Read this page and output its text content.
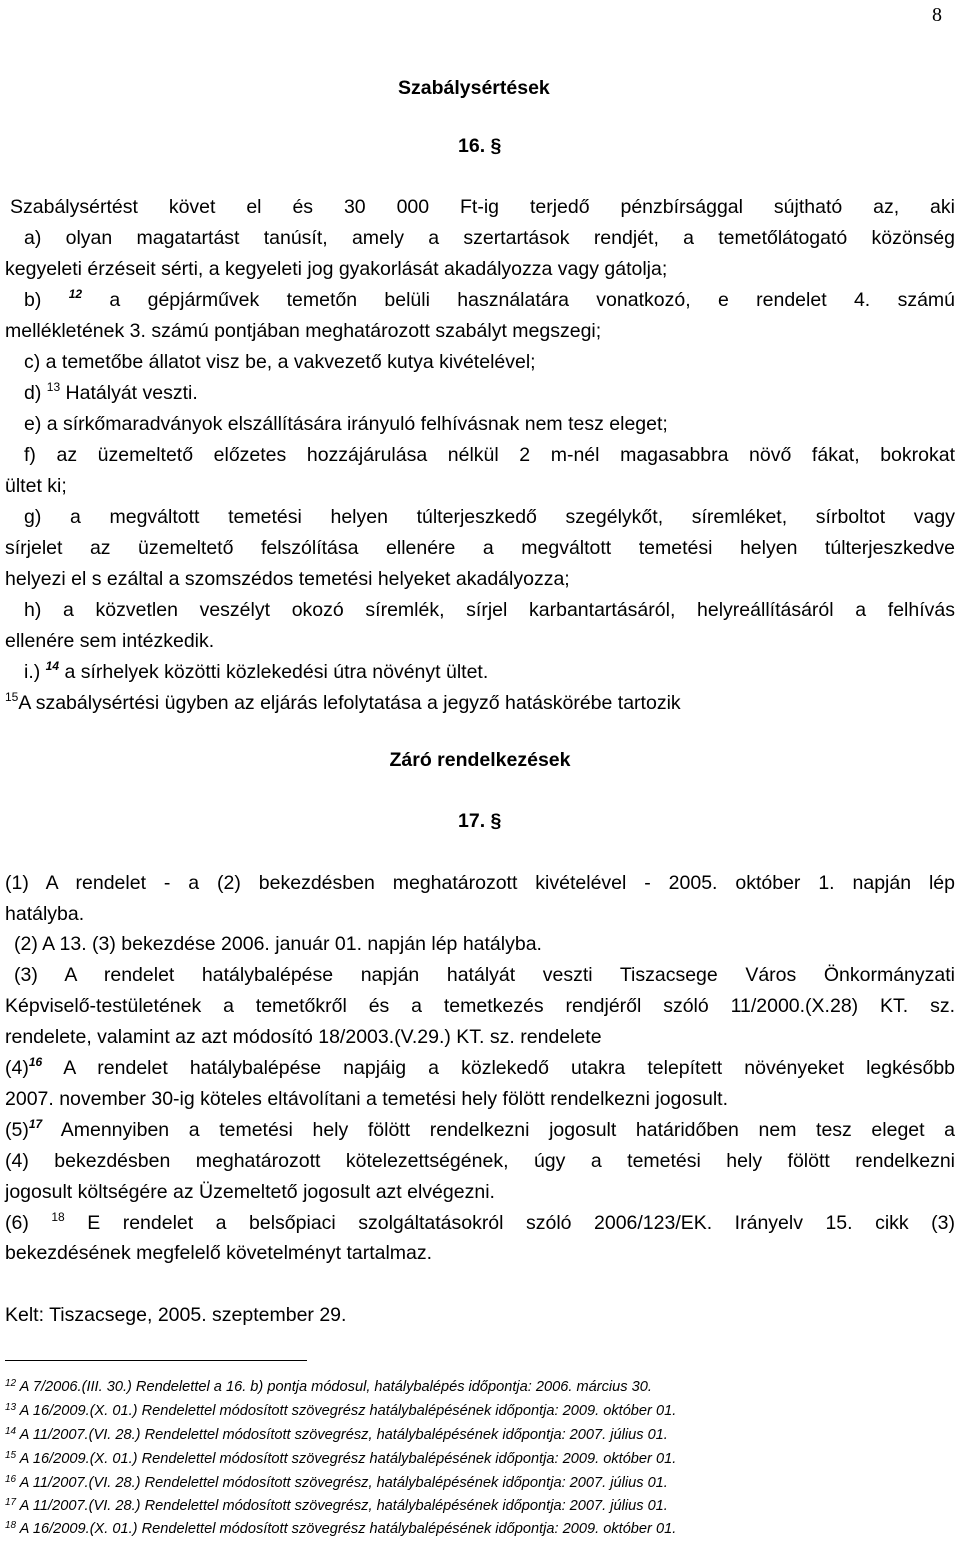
8
Szabálysértések
16. §
Szabálysértést követ el és 30 000 Ft-ig terjedő pénzbírsággal sújtható az, aki
a) olyan magatartást tanúsít, amely a szertartások rendjét, a temetőlátogató közönség
kegyeleti érzéseit sérti, a kegyeleti jog gyakorlását akadályozza vagy gátolja;
b) $^{12}$ a gépjárművek temetőn belüli használatára vonatkozó, e rendelet 4. számú
mellékletének 3. számú pontjában meghatározott szabályt megszegi;
c) a temetőbe állatot visz be, a vakvezető kutya kivételével;
d) $^{13}$ Hatályát veszti.
e) a sírkőmaradványok elszállítására irányuló felhívásnak nem tesz eleget;
f) az üzemeltető előzetes hozzájárulása nélkül 2 m-nél magasabbra növő fákat, bokrokat
ültet ki;
g) a megváltott temetési helyen túlterjeszkedő szegélykőt, síremléket, sírboltot vagy
sírjelet az üzemeltető felszólítása ellenére a megváltott temetési helyen túlterjeszkedve
helyezi el s ezáltal a szomszédos temetési helyeket akadályozza;
h) a közvetlen veszélyt okozó síremlék, sírjel karbantartásáról, helyreállításáról a felhívás
ellenére sem intézkedik.
i.) $^{14}$ a sírhelyek közötti közlekedési útra növényt ültet.
$^{15}$A szabálysértési ügyben az eljárás lefolytatása a jegyző hatáskörébe tartozik
Záró rendelkezések
17. §
(1) A rendelet - a (2) bekezdésben meghatározott kivételével - 2005. október 1. napján lép
hatályba.
(2) A 13. (3) bekezdése 2006. január 01. napján lép hatályba.
(3) A rendelet hatálybalépése napján hatályát veszti Tiszacsege Város Önkormányzati
Képviselő-testületének a temetőkről és a temetkezés rendjéről szóló 11/2000.(X.28) KT. sz.
rendelete, valamint az azt módosító 18/2003.(V.29.) KT. sz. rendelete
$(4)^{16}$ A rendelet hatálybalépése napjáig a közlekedő utakra telepített növényeket legkésőbb
2007. november 30-ig köteles eltávolítani a temetési hely fölött rendelkezni jogosult.
$(5)^{17}$ Amennyiben a temetési hely fölött rendelkezni jogosult határidőben nem tesz eleget a
(4) bekezdésben meghatározott kötelezettségének, úgy a temetési hely fölött rendelkezni
jogosult költségére az Üzemeltető jogosult azt elvégezni.
(6) $^{18}$ E rendelet a belsőpiaci szolgáltatásokról szóló 2006/123/EK. Irányelv 15. cikk (3)
bekezdésének megfelelő követelményt tartalmaz.
Kelt: Tiszacsege, 2005. szeptember 29.
$^{12}$ A 7/2006.(III. 30.) Rendelettel a 16. b) pontja módosul, hatálybalépés időpontja: 2006. március 30.
$^{13}$ A 16/2009.(X. 01.) Rendelettel módosított szövegrész hatálybalépésének időpontja: 2009. október 01.
$^{14}$ A 11/2007.(VI. 28.) Rendelettel módosított szövegrész, hatálybalépésének időpontja: 2007. július 01.
$^{15}$ A 16/2009.(X. 01.) Rendelettel módosított szövegrész hatálybalépésének időpontja: 2009. október 01.
$^{16}$ A 11/2007.(VI. 28.) Rendelettel módosított szövegrész, hatálybalépésének időpontja: 2007. július 01.
$^{17}$ A 11/2007.(VI. 28.) Rendelettel módosított szövegrész, hatálybalépésének időpontja: 2007. július 01.
$^{18}$ A 16/2009.(X. 01.) Rendelettel módosított szövegrész hatálybalépésének időpontja: 2009. október 01.
